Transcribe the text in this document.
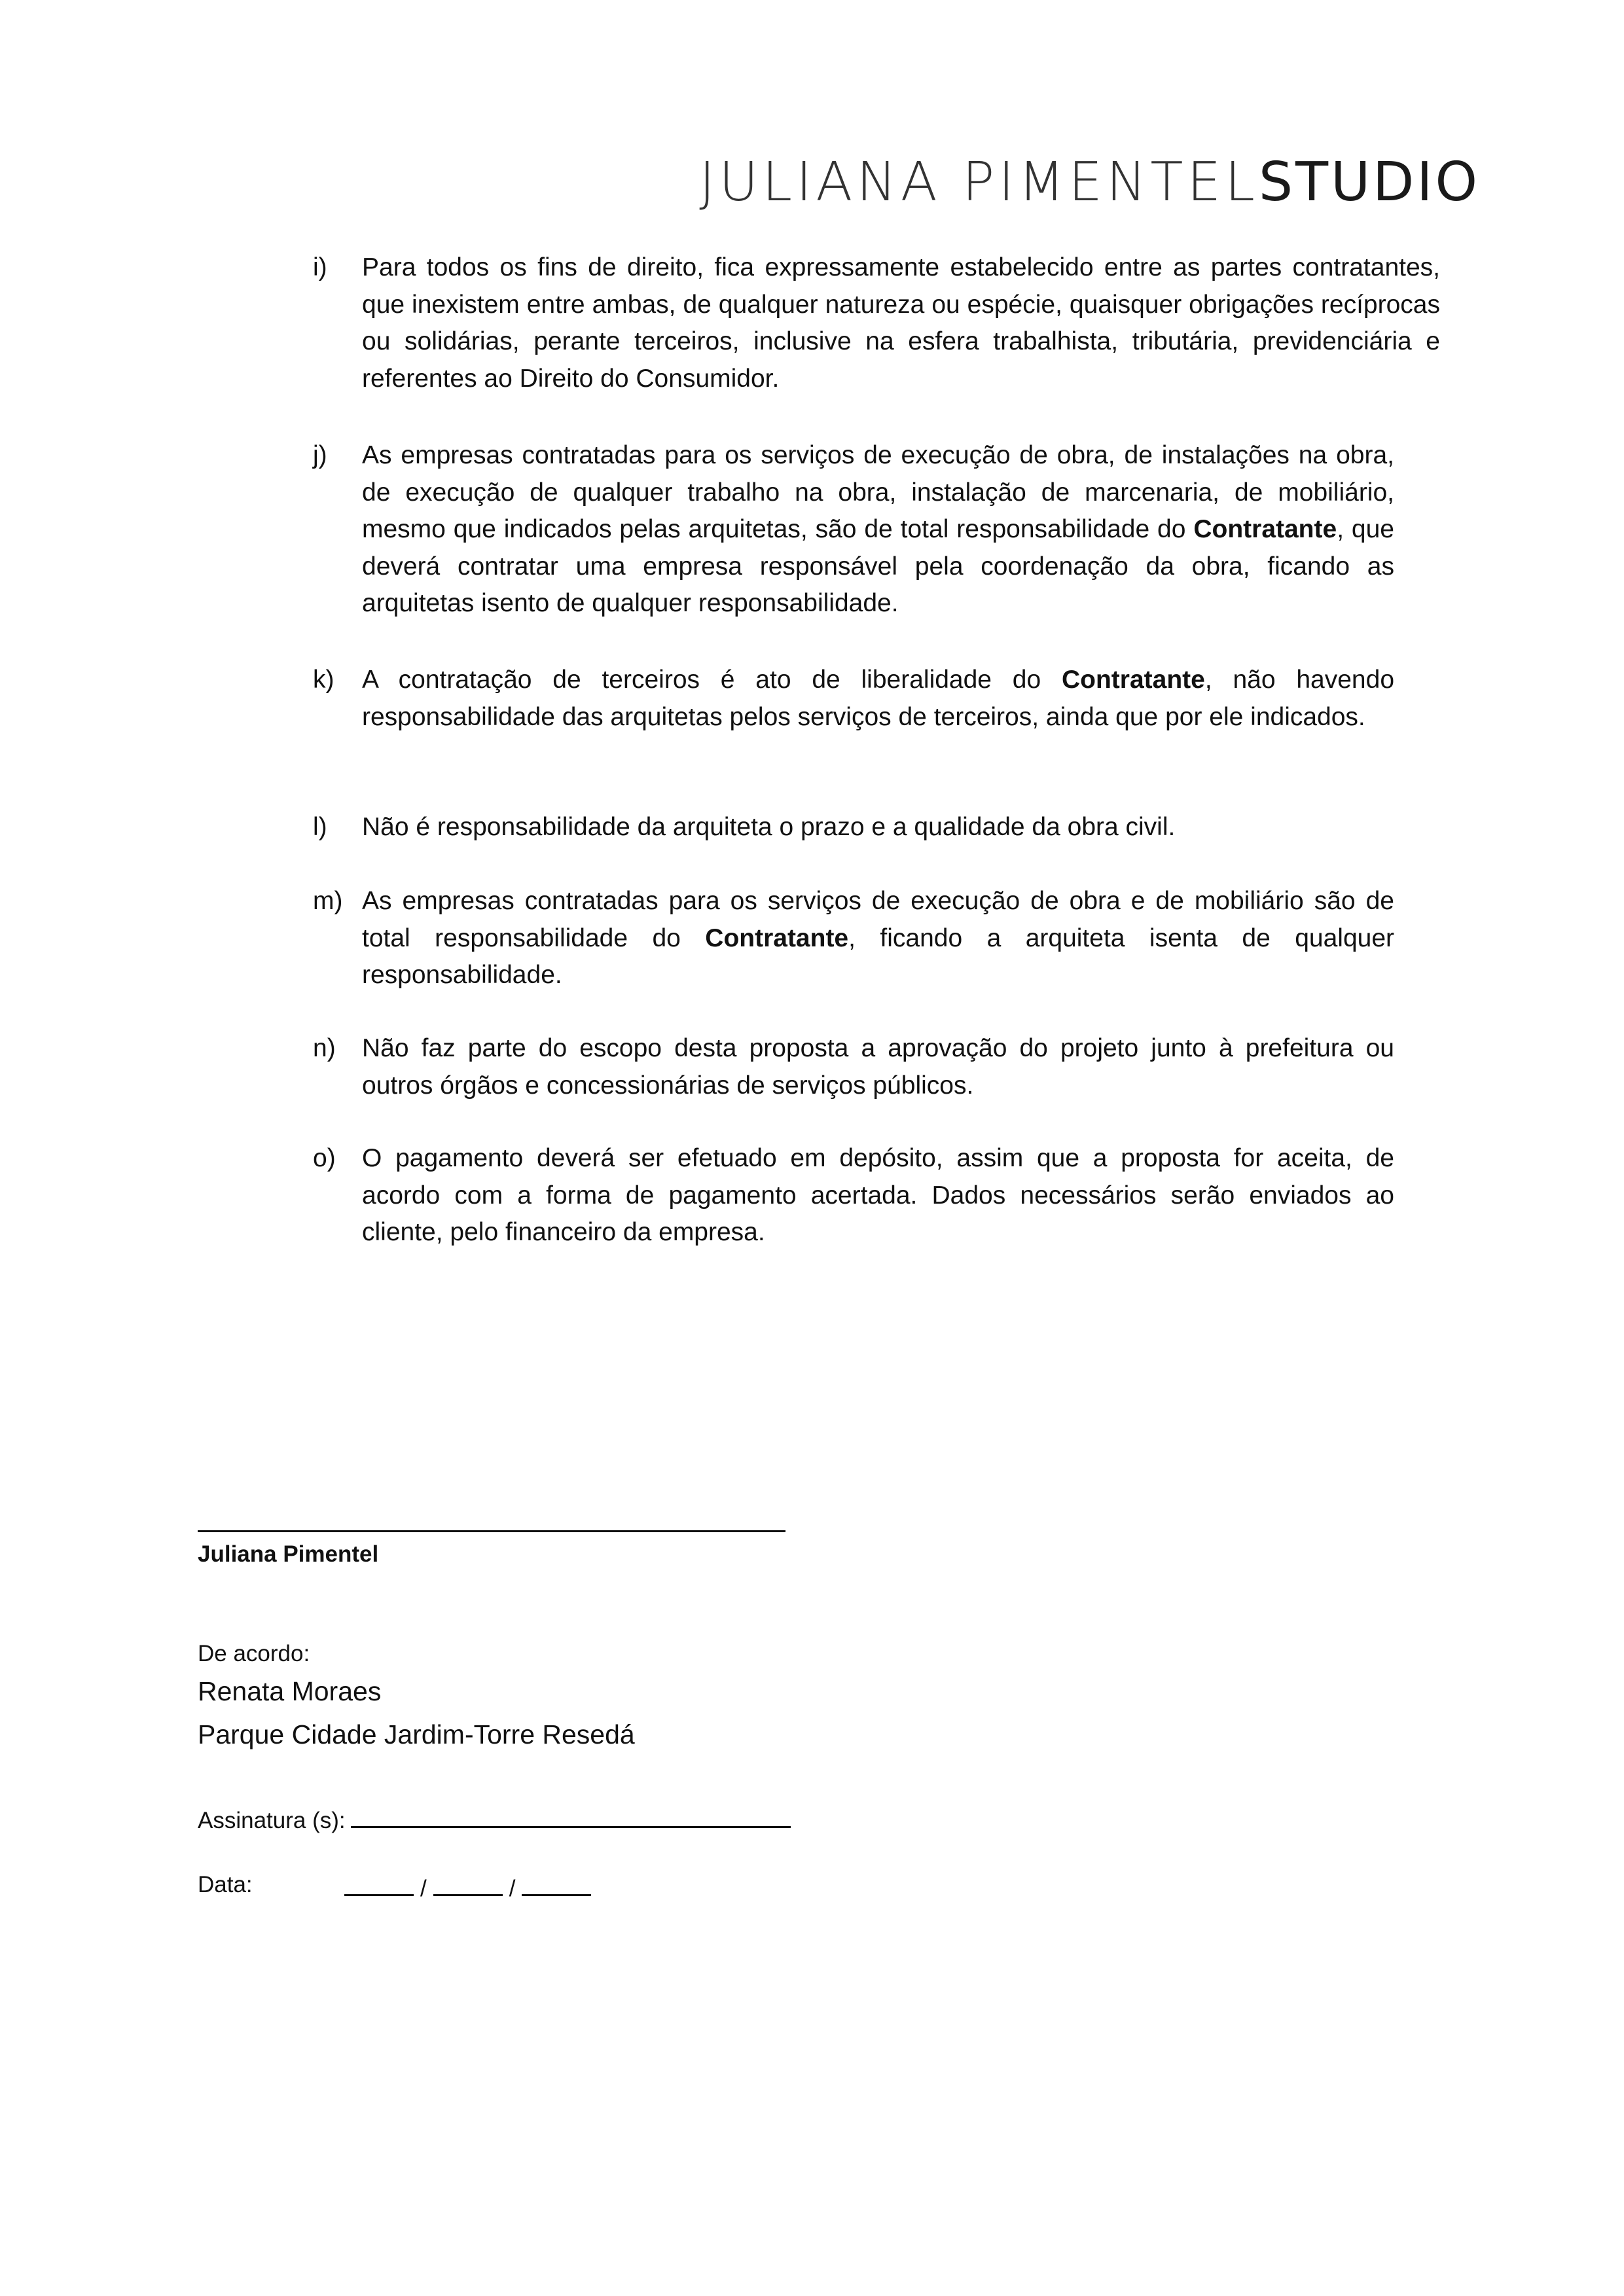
JULIANA PIMENTELSTUDIO
i) Para todos os fins de direito, fica expressamente estabelecido entre as partes contratantes, que inexistem entre ambas, de qualquer natureza ou espécie, quaisquer obrigações recíprocas ou solidárias, perante terceiros, inclusive na esfera trabalhista, tributária, previdenciária e referentes ao Direito do Consumidor.
j) As empresas contratadas para os serviços de execução de obra, de instalações na obra, de execução de qualquer trabalho na obra, instalação de marcenaria, de mobiliário, mesmo que indicados pelas arquitetas, são de total responsabilidade do Contratante, que deverá contratar uma empresa responsável pela coordenação da obra, ficando as arquitetas isento de qualquer responsabilidade.
k) A contratação de terceiros é ato de liberalidade do Contratante, não havendo responsabilidade das arquitetas pelos serviços de terceiros, ainda que por ele indicados.
l) Não é responsabilidade da arquiteta o prazo e a qualidade da obra civil.
m) As empresas contratadas para os serviços de execução de obra e de mobiliário são de total responsabilidade do Contratante, ficando a arquiteta isenta de qualquer responsabilidade.
n) Não faz parte do escopo desta proposta a aprovação do projeto junto à prefeitura ou outros órgãos e concessionárias de serviços públicos.
o) O pagamento deverá ser efetuado em depósito, assim que a proposta for aceita, de acordo com a forma de pagamento acertada. Dados necessários serão enviados ao cliente, pelo financeiro da empresa.
Juliana Pimentel
De acordo:
Renata Moraes
Parque Cidade Jardim-Torre Resedá
Assinatura (s):
Data:	/	/
